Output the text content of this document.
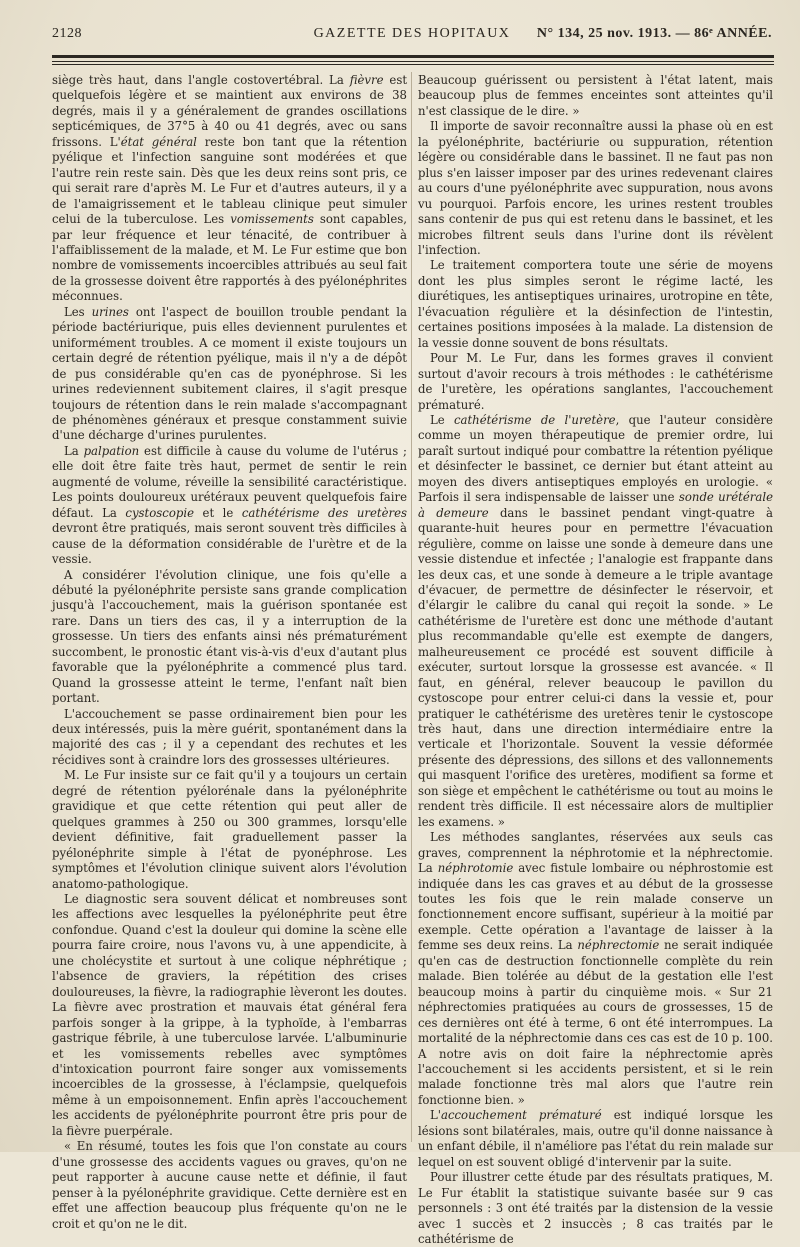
2128	GAZETTE DES HOPITAUX	N° 134, 25 nov. 1913. — 86ᵉ ANNÉE.

siège très haut, dans l'angle costovertébral. La fièvre est quelquefois légère et se maintient aux environs de 38 degrés, mais il y a généralement de grandes oscillations septicémiques, de 37°5 à 40 ou 41 degrés, avec ou sans frissons. L'état général reste bon tant que la rétention pyélique et l'infection sanguine sont modérées et que l'autre rein reste sain. Dès que les deux reins sont pris, ce qui serait rare d'après M. Le Fur et d'autres auteurs, il y a de l'amaigrissement et le tableau clinique peut simuler celui de la tuberculose. Les vomissements sont capables, par leur fréquence et leur ténacité, de contribuer à l'affaiblissement de la malade, et M. Le Fur estime que bon nombre de vomissements incoercibles attribués au seul fait de la grossesse doivent être rapportés à des pyélonéphrites méconnues.

Les urines ont l'aspect de bouillon trouble pendant la période bactériurique, puis elles deviennent purulentes et uniformément troubles. A ce moment il existe toujours un certain degré de rétention pyélique, mais il n'y a de dépôt de pus considérable qu'en cas de pyonéphrose. Si les urines redeviennent subitement claires, il s'agit presque toujours de rétention dans le rein malade s'accompagnant de phénomènes généraux et presque constamment suivie d'une décharge d'urines purulentes.

La palpation est difficile à cause du volume de l'utérus ; elle doit être faite très haut, permet de sentir le rein augmenté de volume, réveille la sensibilité caractéristique. Les points douloureux urétéraux peuvent quelquefois faire défaut. La cystoscopie et le cathétérisme des uretères devront être pratiqués, mais seront souvent très difficiles à cause de la déformation considérable de l'urètre et de la vessie.

A considérer l'évolution clinique, une fois qu'elle a débuté la pyélonéphrite persiste sans grande complication jusqu'à l'accouchement, mais la guérison spontanée est rare. Dans un tiers des cas, il y a interruption de la grossesse. Un tiers des enfants ainsi nés prématurément succombent, le pronostic étant vis-à-vis d'eux d'autant plus favorable que la pyélonéphrite a commencé plus tard. Quand la grossesse atteint le terme, l'enfant naît bien portant.

L'accouchement se passe ordinairement bien pour les deux intéressés, puis la mère guérit, spontanément dans la majorité des cas ; il y a cependant des rechutes et les récidives sont à craindre lors des grossesses ultérieures.

M. Le Fur insiste sur ce fait qu'il y a toujours un certain degré de rétention pyélorénale dans la pyélonéphrite gravidique et que cette rétention qui peut aller de quelques grammes à 250 ou 300 grammes, lorsqu'elle devient définitive, fait graduellement passer la pyélonéphrite simple à l'état de pyonéphrose. Les symptômes et l'évolution clinique suivent alors l'évolution anatomo-pathologique.

Le diagnostic sera souvent délicat et nombreuses sont les affections avec lesquelles la pyélonéphrite peut être confondue. Quand c'est la douleur qui domine la scène elle pourra faire croire, nous l'avons vu, à une appendicite, à une cholécystite et surtout à une colique néphrétique ; l'absence de graviers, la répétition des crises douloureuses, la fièvre, la radiographie lèveront les doutes. La fièvre avec prostration et mauvais état général fera parfois songer à la grippe, à la typhoïde, à l'embarras gastrique fébrile, à une tuberculose larvée. L'albuminurie et les vomissements rebelles avec symptômes d'intoxication pourront faire songer aux vomissements incoercibles de la grossesse, à l'éclampsie, quelquefois même à un empoisonnement. Enfin après l'accouchement les accidents de pyélonéphrite pourront être pris pour de la fièvre puerpérale.

« En résumé, toutes les fois que l'on constate au cours d'une grossesse des accidents vagues ou graves, qu'on ne peut rapporter à aucune cause nette et définie, il faut penser à la pyélonéphrite gravidique. Cette dernière est en effet une affection beaucoup plus fréquente qu'on ne le croit et qu'on ne le dit.

Beaucoup guérissent ou persistent à l'état latent, mais beaucoup plus de femmes enceintes sont atteintes qu'il n'est classique de le dire. »

Il importe de savoir reconnaître aussi la phase où en est la pyélonéphrite, bactériurie ou suppuration, rétention légère ou considérable dans le bassinet. Il ne faut pas non plus s'en laisser imposer par des urines redevenant claires au cours d'une pyélonéphrite avec suppuration, nous avons vu pourquoi. Parfois encore, les urines restent troubles sans contenir de pus qui est retenu dans le bassinet, et les microbes filtrent seuls dans l'urine dont ils révèlent l'infection.

Le traitement comportera toute une série de moyens dont les plus simples seront le régime lacté, les diurétiques, les antiseptiques urinaires, urotropine en tête, l'évacuation régulière et la désinfection de l'intestin, certaines positions imposées à la malade. La distension de la vessie donne souvent de bons résultats.

Pour M. Le Fur, dans les formes graves il convient surtout d'avoir recours à trois méthodes : le cathétérisme de l'uretère, les opérations sanglantes, l'accouchement prématuré.

Le cathétérisme de l'uretère, que l'auteur considère comme un moyen thérapeutique de premier ordre, lui paraît surtout indiqué pour combattre la rétention pyélique et désinfecter le bassinet, ce dernier but étant atteint au moyen des divers antiseptiques employés en urologie. « Parfois il sera indispensable de laisser une sonde urétérale à demeure dans le bassinet pendant vingt-quatre à quarante-huit heures pour en permettre l'évacuation régulière, comme on laisse une sonde à demeure dans une vessie distendue et infectée ; l'analogie est frappante dans les deux cas, et une sonde à demeure a le triple avantage d'évacuer, de permettre de désinfecter le réservoir, et d'élargir le calibre du canal qui reçoit la sonde. » Le cathétérisme de l'uretère est donc une méthode d'autant plus recommandable qu'elle est exempte de dangers, malheureusement ce procédé est souvent difficile à exécuter, surtout lorsque la grossesse est avancée. « Il faut, en général, relever beaucoup le pavillon du cystoscope pour entrer celui-ci dans la vessie et, pour pratiquer le cathétérisme des uretères tenir le cystoscope très haut, dans une direction intermédiaire entre la verticale et l'horizontale. Souvent la vessie déformée présente des dépressions, des sillons et des vallonnements qui masquent l'orifice des uretères, modifient sa forme et son siège et empêchent le cathétérisme ou tout au moins le rendent très difficile. Il est nécessaire alors de multiplier les examens. »

Les méthodes sanglantes, réservées aux seuls cas graves, comprennent la néphrotomie et la néphrectomie. La néphrotomie avec fistule lombaire ou néphrostomie est indiquée dans les cas graves et au début de la grossesse toutes les fois que le rein malade conserve un fonctionnement encore suffisant, supérieur à la moitié par exemple. Cette opération a l'avantage de laisser à la femme ses deux reins. La néphrectomie ne serait indiquée qu'en cas de destruction fonctionnelle complète du rein malade. Bien tolérée au début de la gestation elle l'est beaucoup moins à partir du cinquième mois. « Sur 21 néphrectomies pratiquées au cours de grossesses, 15 de ces dernières ont été à terme, 6 ont été interrompues. La mortalité de la néphrectomie dans ces cas est de 10 p. 100. A notre avis on doit faire la néphrectomie après l'accouchement si les accidents persistent, et si le rein malade fonctionne très mal alors que l'autre rein fonctionne bien. »

L'accouchement prématuré est indiqué lorsque les lésions sont bilatérales, mais, outre qu'il donne naissance à un enfant débile, il n'améliore pas l'état du rein malade sur lequel on est souvent obligé d'intervenir par la suite.

Pour illustrer cette étude par des résultats pratiques, M. Le Fur établit la statistique suivante basée sur 9 cas personnels : 3 ont été traités par la distension de la vessie avec 1 succès et 2 insuccès ; 8 cas traités par le cathétérisme de
